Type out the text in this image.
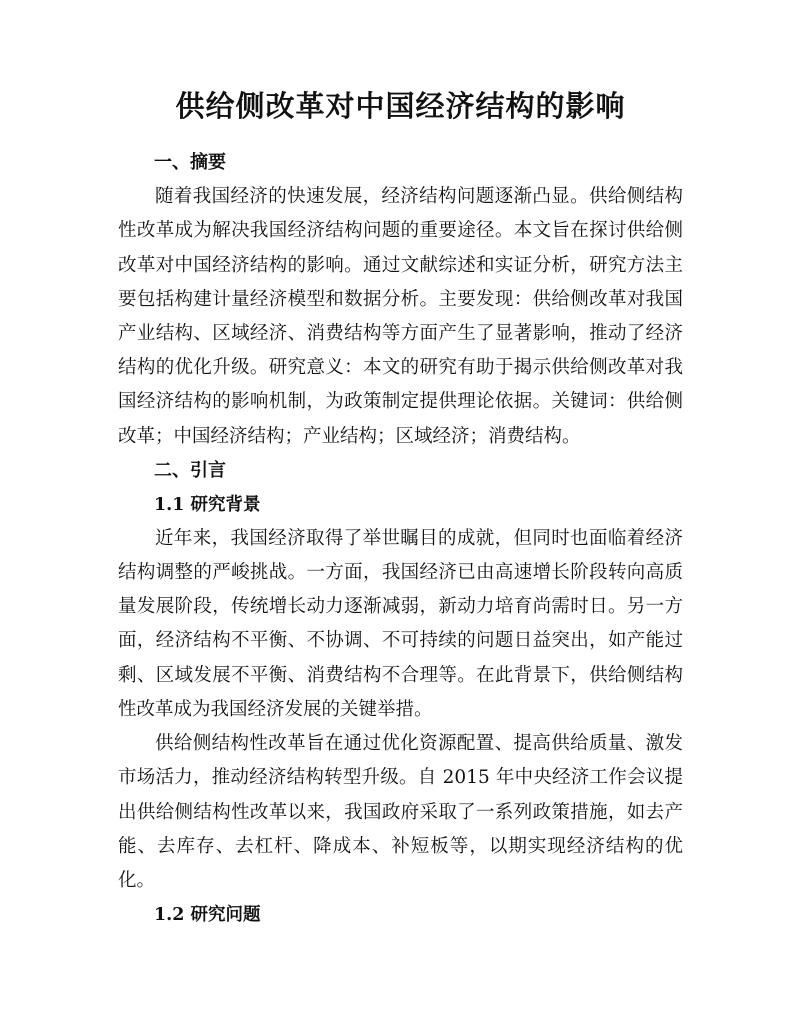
供给侧改革对中国经济结构的影响
一、摘要

随着我国经济的快速发展，经济结构问题逐渐凸显。供给侧结构性改革成为解决我国经济结构问题的重要途径。本文旨在探讨供给侧改革对中国经济结构的影响。通过文献综述和实证分析，研究方法主要包括构建计量经济模型和数据分析。主要发现：供给侧改革对我国产业结构、区域经济、消费结构等方面产生了显著影响，推动了经济结构的优化升级。研究意义：本文的研究有助于揭示供给侧改革对我国经济结构的影响机制，为政策制定提供理论依据。关键词：供给侧改革；中国经济结构；产业结构；区域经济；消费结构。

二、引言
1.1 研究背景

近年来，我国经济取得了举世瞩目的成就，但同时也面临着经济结构调整的严峻挑战。一方面，我国经济已由高速增长阶段转向高质量发展阶段，传统增长动力逐渐减弱，新动力培育尚需时日。另一方面，经济结构不平衡、不协调、不可持续的问题日益突出，如产能过剩、区域发展不平衡、消费结构不合理等。在此背景下，供给侧结构性改革成为我国经济发展的关键举措。

供给侧结构性改革旨在通过优化资源配置、提高供给质量、激发市场活力，推动经济结构转型升级。自 2015 年中央经济工作会议提出供给侧结构性改革以来，我国政府采取了一系列政策措施，如去产能、去库存、去杠杆、降成本、补短板等，以期实现经济结构的优化。

1.2 研究问题
